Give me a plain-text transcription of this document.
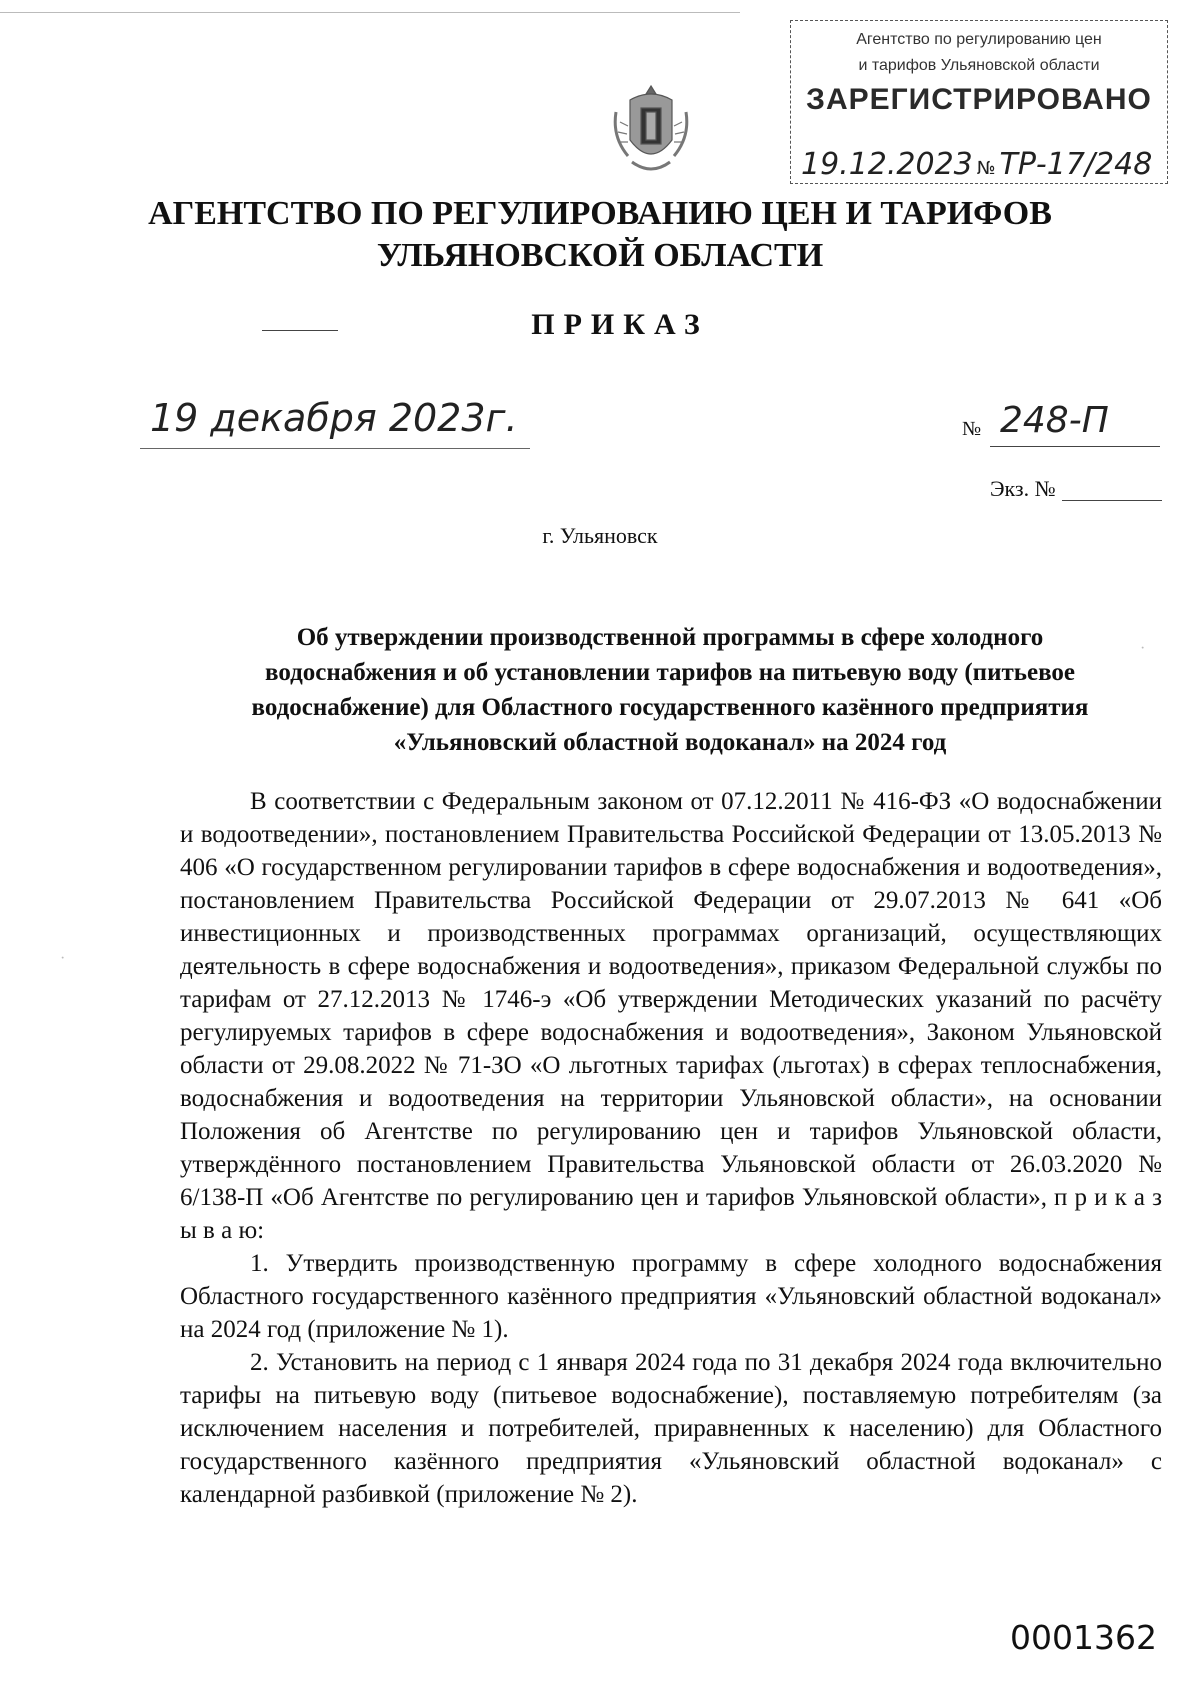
Агентство по регулированию цен
и тарифов Ульяновской области
ЗАРЕГИСТРИРОВАНО
19.12.2023 № ТР-17/248
АГЕНТСТВО ПО РЕГУЛИРОВАНИЮ ЦЕН И ТАРИФОВ
УЛЬЯНОВСКОЙ ОБЛАСТИ
ПРИКАЗ
19 декабря 2023г.	№ 248-П
Экз. №
г. Ульяновск
Об утверждении производственной программы в сфере холодного
водоснабжения и об установлении тарифов на питьевую воду (питьевое
водоснабжение) для Областного государственного казённого предприятия
«Ульяновский областной водоканал» на 2024 год

В соответствии с Федеральным законом от 07.12.2011 № 416-ФЗ «О водоснабжении и водоотведении», постановлением Правительства Российской Федерации от 13.05.2013 № 406 «О государственном регулировании тарифов в сфере водоснабжения и водоотведения», постановлением Правительства Российской Федерации от 29.07.2013 № 641 «Об инвестиционных и производственных программах организаций, осуществляющих деятельность в сфере водоснабжения и водоотведения», приказом Федеральной службы по тарифам от 27.12.2013 № 1746-э «Об утверждении Методических указаний по расчёту регулируемых тарифов в сфере водоснабжения и водоотведения», Законом Ульяновской области от 29.08.2022 № 71-ЗО «О льготных тарифах (льготах) в сферах теплоснабжения, водоснабжения и водоотведения на территории Ульяновской области», на основании Положения об Агентстве по регулированию цен и тарифов Ульяновской области, утверждённого постановлением Правительства Ульяновской области от 26.03.2020 № 6/138-П «Об Агентстве по регулированию цен и тарифов Ульяновской области», п р и к а з ы в а ю:

1. Утвердить производственную программу в сфере холодного водоснабжения Областного государственного казённого предприятия «Ульяновский областной водоканал» на 2024 год (приложение № 1).

2. Установить на период с 1 января 2024 года по 31 декабря 2024 года включительно тарифы на питьевую воду (питьевое водоснабжение), поставляемую потребителям (за исключением населения и потребителей, приравненных к населению) для Областного государственного казённого предприятия «Ульяновский областной водоканал» с календарной разбивкой (приложение № 2).

·
·
0001362
